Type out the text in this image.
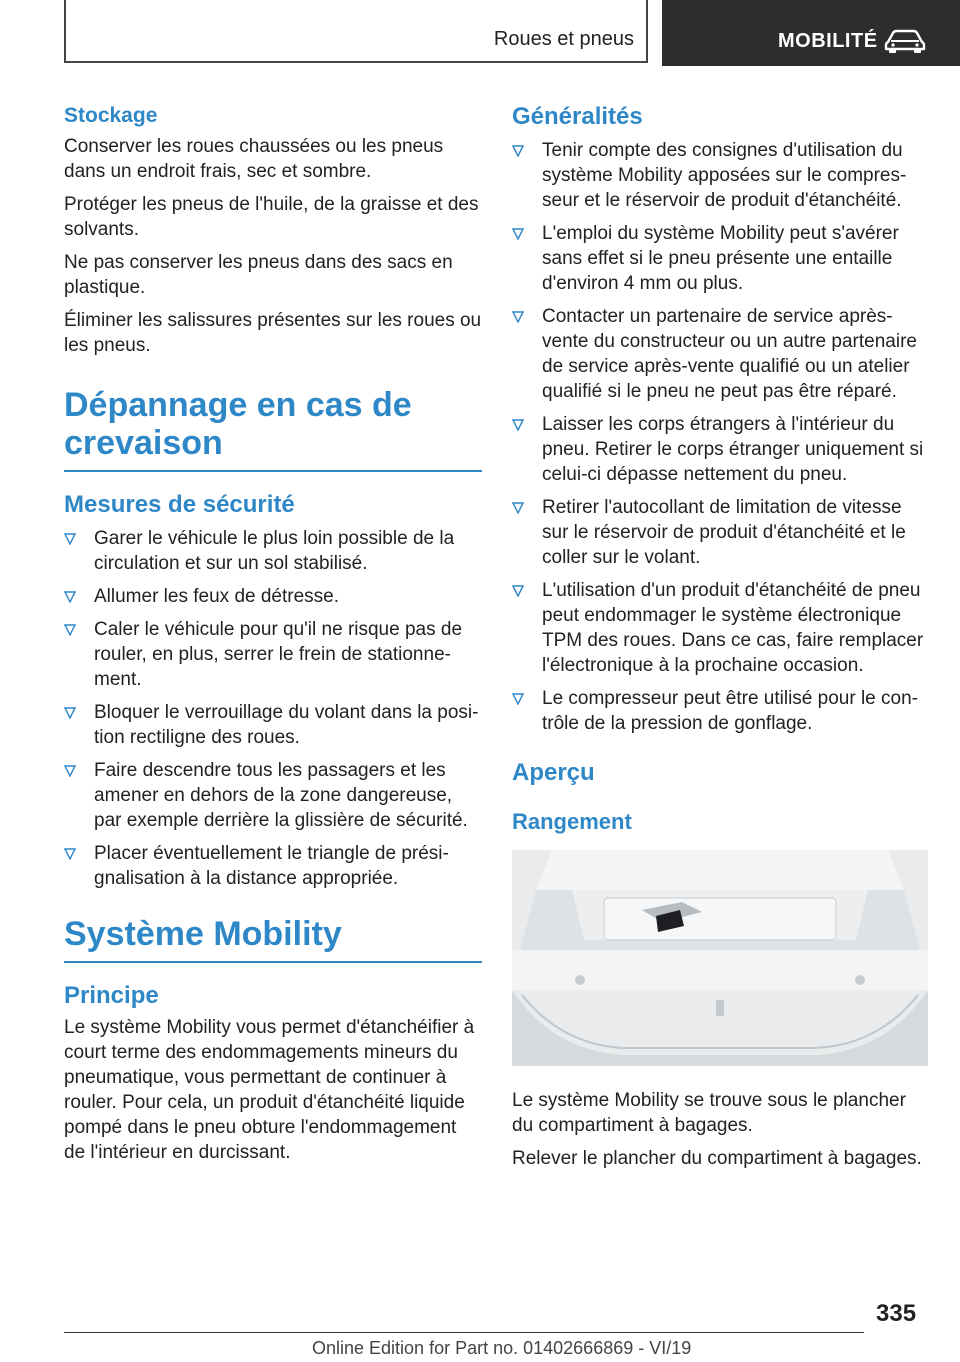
Roues et pneus	MOBILITÉ
Stockage

Conserver les roues chaussées ou les pneus dans un endroit frais, sec et sombre.

Protéger les pneus de l'huile, de la graisse et des solvants.

Ne pas conserver les pneus dans des sacs en plastique.

Éliminer les salissures présentes sur les roues ou les pneus.

Dépannage en cas de crevaison
Mesures de sécurité
Garer le véhicule le plus loin possible de la circulation et sur un sol stabilisé.
Allumer les feux de détresse.
Caler le véhicule pour qu'il ne risque pas de rouler, en plus, serrer le frein de stationne-ment.
Bloquer le verrouillage du volant dans la posi-tion rectiligne des roues.
Faire descendre tous les passagers et les amener en dehors de la zone dangereuse, par exemple derrière la glissière de sécurité.
Placer éventuellement le triangle de prési-gnalisation à la distance appropriée.
Système Mobility
Principe

Le système Mobility vous permet d'étanchéifier à court terme des endommagements mineurs du pneumatique, vous permettant de continuer à rouler. Pour cela, un produit d'étanchéité liquide pompé dans le pneu obture l'endommagement de l'intérieur en durcissant.

Généralités
Tenir compte des consignes d'utilisation du système Mobility apposées sur le compres-seur et le réservoir de produit d'étanchéité.
L'emploi du système Mobility peut s'avérer sans effet si le pneu présente une entaille d'environ 4 mm ou plus.
Contacter un partenaire de service après-vente du constructeur ou un autre partenaire de service après-vente qualifié ou un atelier qualifié si le pneu ne peut pas être réparé.
Laisser les corps étrangers à l'intérieur du pneu. Retirer le corps étranger uniquement si celui-ci dépasse nettement du pneu.
Retirer l'autocollant de limitation de vitesse sur le réservoir de produit d'étanchéité et le coller sur le volant.
L'utilisation d'un produit d'étanchéité de pneu peut endommager le système électronique TPM des roues. Dans ce cas, faire remplacer l'électronique à la prochaine occasion.
Le compresseur peut être utilisé pour le con-trôle de la pression de gonflage.
Aperçu
Rangement

Le système Mobility se trouve sous le plancher du compartiment à bagages.

Relever le plancher du compartiment à bagages.

335
Online Edition for Part no. 01402666869 - VI/19
